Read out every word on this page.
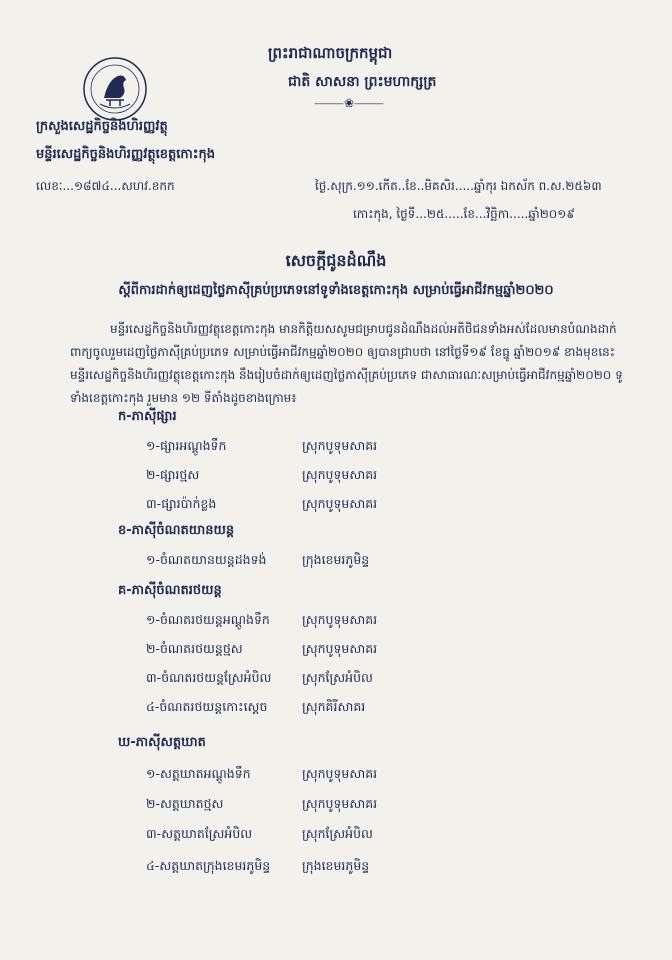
ព្រះរាជាណាចក្រកម្ពុជា
ជាតិ សាសនា ព្រះមហាក្សត្រ
⸻❀⸻
ក្រសួងសេដ្ឋកិច្ចនិងហិរញ្ញវត្ថុ
មន្ទីរសេដ្ឋកិច្ចនិងហិរញ្ញវត្ថុខេត្តកោះកុង
លេខៈ...១៨៧៤...សហវ.ខកក	ថ្ងៃ.សុក្រ.១១.កើត..ខែ..មិគសិរ.....ឆ្នាំកុរ ឯកស័ក ព.ស.២៥៦៣
កោះកុង, ថ្ងៃទី...២៥.....ខែ...វិច្ឆិកា.....ឆ្នាំ២០១៩
សេចក្តីជូនដំណឹង
ស្តីពីការដាក់ឲ្យដេញថ្លៃភាស៊ីគ្រប់ប្រភេទនៅទូទាំងខេត្តកោះកុង សម្រាប់ធ្វើអាជីវកម្មឆ្នាំ២០២០
មន្ទីរសេដ្ឋកិច្ចនិងហិរញ្ញវត្ថុខេត្តកោះកុង មានកិត្តិយសសូមជម្រាបជូនដំណឹងដល់អតិថិជនទាំងអស់ដែលមានបំណងដាក់ពាក្យចូលរួមដេញថ្លៃភាស៊ីគ្រប់ប្រភេទ សម្រាប់ធ្វើអាជីវកម្មឆ្នាំ២០២០ ឲ្យបានជ្រាបថា នៅថ្ងៃទី១៩ ខែធ្នូ ឆ្នាំ២០១៩ ខាងមុខនេះ មន្ទីរសេដ្ឋកិច្ចនិងហិរញ្ញវត្ថុខេត្តកោះកុង នឹងរៀបចំដាក់ឲ្យដេញថ្លៃភាស៊ីគ្រប់ប្រភេទ ជាសាធារណៈសម្រាប់ធ្វើអាជីវកម្មឆ្នាំ២០២០ ទូទាំងខេត្តកោះកុង រួមមាន ១២ ទីតាំងដូចខាងក្រោម៖
ក-ភាស៊ីផ្សារ
១-ផ្សារអណ្តូងទឹក	ស្រុកបូទុមសាគរ
២-ផ្សារថ្មស	ស្រុកបូទុមសាគរ
៣-ផ្សារប៉ាក់ខ្លង	ស្រុកបូទុមសាគរ
ខ-ភាស៊ីចំណតយានយន្ត
១-ចំណតយានយន្តដងទង់	ក្រុងខេមរភូមិន្ទ
គ-ភាស៊ីចំណតរថយន្ត
១-ចំណតរថយន្តអណ្តូងទឹក	ស្រុកបូទុមសាគរ
២-ចំណតរថយន្តថ្មស	ស្រុកបូទុមសាគរ
៣-ចំណតរថយន្តស្រែអំបិល ស្រុកស្រែអំបិល
៤-ចំណតរថយន្តកោះស្តេច	ស្រុកគិរីសាគរ
ឃ-ភាស៊ីសត្តឃាត
១-សត្តឃាតអណ្តូងទឹក	ស្រុកបូទុមសាគរ
២-សត្តឃាតថ្មស	ស្រុកបូទុមសាគរ
៣-សត្តឃាតស្រែអំបិល	ស្រុកស្រែអំបិល
៤-សត្តឃាតក្រុងខេមរភូមិន្ទ	ក្រុងខេមរភូមិន្ទ
